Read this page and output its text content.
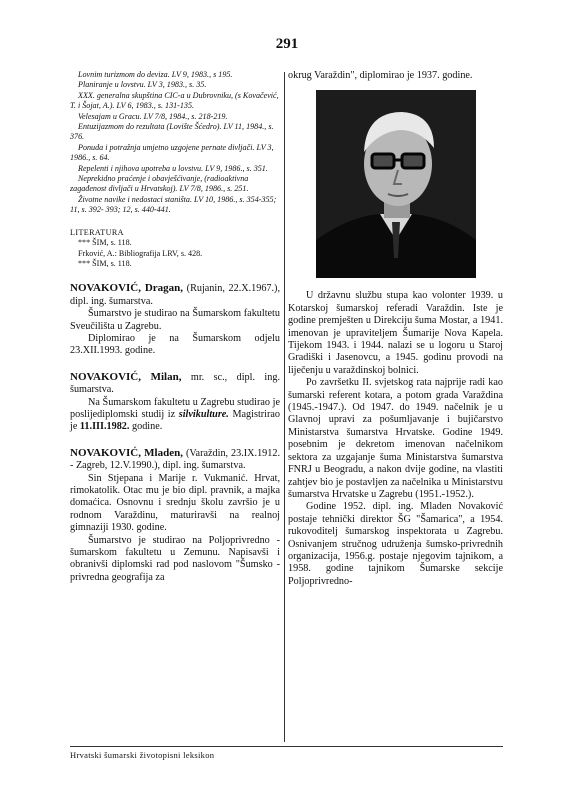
291

Lovnim turizmom do deviza. LV 9, 1983., s 195.

Planiranje u lovstvu. LV 3, 1983., s. 35.

XXX. generalna skupština CIC-a u Dubrovniku, (s Kovačević, T. i Šojat, A.). LV 6, 1983., s. 131-135.

Velesajam u Gracu. LV 7/8, 1984., s. 218-219.

Entuzijazmom do rezultata (Lovište Šćedro). LV 11, 1984., s. 376.

Ponuda i potražnja umjetno uzgojene pernate divljači. LV 3, 1986., s. 64.

Repelenti i njihova upotreba u lovstvu. LV 9, 1986., s. 351.

Neprekidno praćenje i obavješćivanje, (radioaktivna zagađenost divljači u Hrvatskoj). LV 7/8, 1986., s. 251.

Životne navike i nedostaci staništa. LV 10, 1986., s. 354-355; 11, s. 392- 393; 12, s. 440-441.

LITERATURA

*** ŠIM, s. 118.

Frković, A.: Bibliografija LRV, s. 428.

*** ŠIM, s. 118.

NOVAKOVIĆ, Dragan, (Rujanin, 22.X.1967.), dipl. ing. šumarstva.

Šumarstvo je studirao na Šumarskom fakultetu Sveučilišta u Zagrebu.

Diplomirao je na Šumarskom odjelu 23.XII.1993. godine.

NOVAKOVIĆ, Milan, mr. sc., dipl. ing. šumarstva.

Na Šumarskom fakultetu u Zagrebu studirao je poslijediplomski studij iz silvikulture. Magistrirao je 11.III.1982. godine.

NOVAKOVIĆ, Mladen, (Varaždin, 23.IX.1912. - Zagreb, 12.V.1990.), dipl. ing. šumarstva.

Sin Stjepana i Marije r. Vukmanić. Hrvat, rimokatolik. Otac mu je bio dipl. pravnik, a majka domaćica. Osnovnu i srednju školu završio je u rodnom Varaždinu, maturiravši na realnoj gimnaziji 1930. godine.

Šumarstvo je studirao na Poljoprivredno - šumarskom fakultetu u Zemunu. Napisavši i obranivši diplomski rad pod naslovom "Šumsko - privredna geografija za

okrug Varaždin", diplomirao je 1937. godine.

U državnu službu stupa kao volonter 1939. u Kotarskoj šumarskoj referadi Varaždin. Iste je godine premješten u Direkciju šuma Mostar, a 1941. imenovan je upraviteljem Šumarije Nova Kapela. Tijekom 1943. i 1944. nalazi se u logoru u Staroj Gradiški i Jasenovcu, a 1945. godinu provodi na liječenju u varaždinskoj bolnici.

Po završetku II. svjetskog rata najprije radi kao šumarski referent kotara, a potom grada Varaždina (1945.-1947.). Od 1947. do 1949. načelnik je u Glavnoj upravi za pošumljavanje i bujičarstvo Ministarstva šumarstva Hrvatske. Godine 1949. posebnim je dekretom imenovan načelnikom sektora za uzgajanje šuma Ministarstva šumarstva FNRJ u Beogradu, a nakon dvije godine, na vlastiti zahtjev bio je postavljen za načelnika u Ministarstvu šumarstva Hrvatske u Zagrebu (1951.-1952.).

Godine 1952. dipl. ing. Mladen Novaković postaje tehnički direktor ŠG "Šamarica", a 1954. rukovoditelj šumarskog inspektorata u Zagrebu. Osnivanjem stručnog udruženja šumsko-privrednih organizacija, 1956.g. postaje njegovim tajnikom, a 1958. godine tajnikom Šumarske sekcije Poljoprivredno-

Hrvatski šumarski životopisni leksikon
